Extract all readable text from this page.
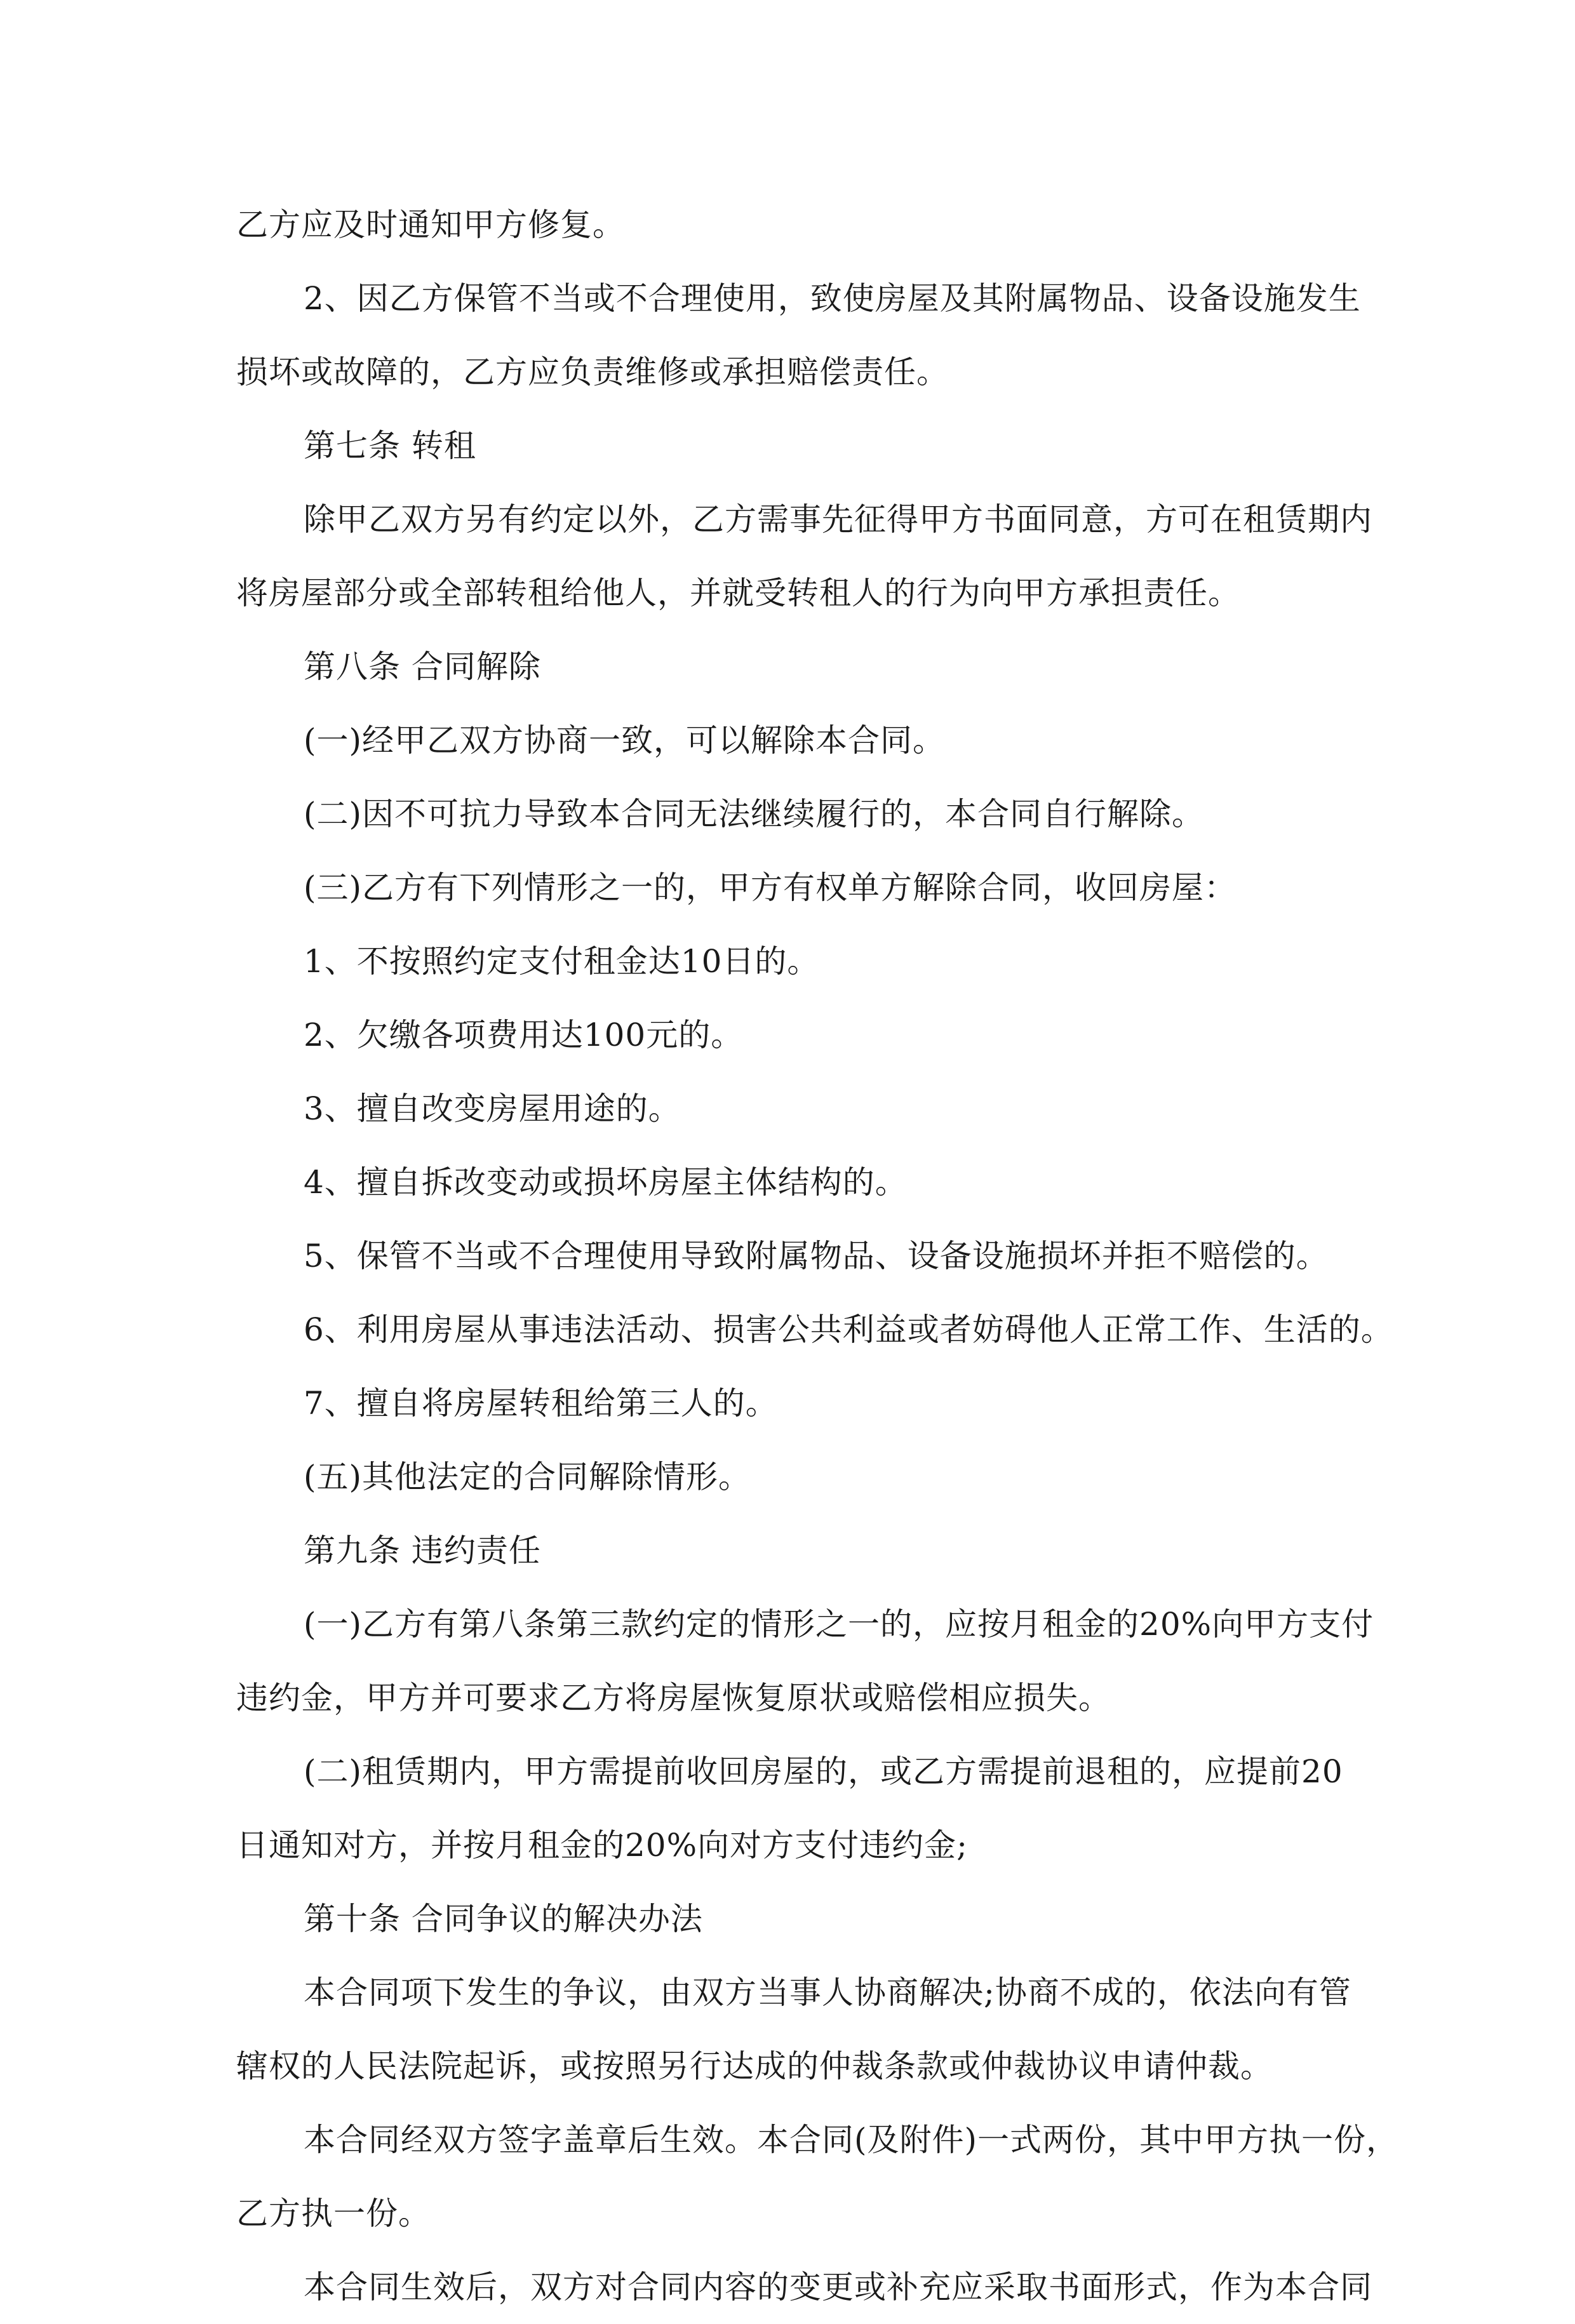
乙方应及时通知甲方修复。
2、因乙方保管不当或不合理使用，致使房屋及其附属物品、设备设施发生
损坏或故障的，乙方应负责维修或承担赔偿责任。
第七条 转租
除甲乙双方另有约定以外，乙方需事先征得甲方书面同意，方可在租赁期内
将房屋部分或全部转租给他人，并就受转租人的行为向甲方承担责任。
第八条 合同解除
(一)经甲乙双方协商一致，可以解除本合同。
(二)因不可抗力导致本合同无法继续履行的，本合同自行解除。
(三)乙方有下列情形之一的，甲方有权单方解除合同，收回房屋：
1、不按照约定支付租金达10日的。
2、欠缴各项费用达100元的。
3、擅自改变房屋用途的。
4、擅自拆改变动或损坏房屋主体结构的。
5、保管不当或不合理使用导致附属物品、设备设施损坏并拒不赔偿的。
6、利用房屋从事违法活动、损害公共利益或者妨碍他人正常工作、生活的。
7、擅自将房屋转租给第三人的。
(五)其他法定的合同解除情形。
第九条 违约责任
(一)乙方有第八条第三款约定的情形之一的，应按月租金的20%向甲方支付
违约金，甲方并可要求乙方将房屋恢复原状或赔偿相应损失。
(二)租赁期内，甲方需提前收回房屋的，或乙方需提前退租的，应提前20
日通知对方，并按月租金的20%向对方支付违约金;
第十条 合同争议的解决办法
本合同项下发生的争议，由双方当事人协商解决;协商不成的，依法向有管
辖权的人民法院起诉，或按照另行达成的仲裁条款或仲裁协议申请仲裁。
本合同经双方签字盖章后生效。本合同(及附件)一式两份，其中甲方执一份，
乙方执一份。
本合同生效后，双方对合同内容的变更或补充应采取书面形式，作为本合同
